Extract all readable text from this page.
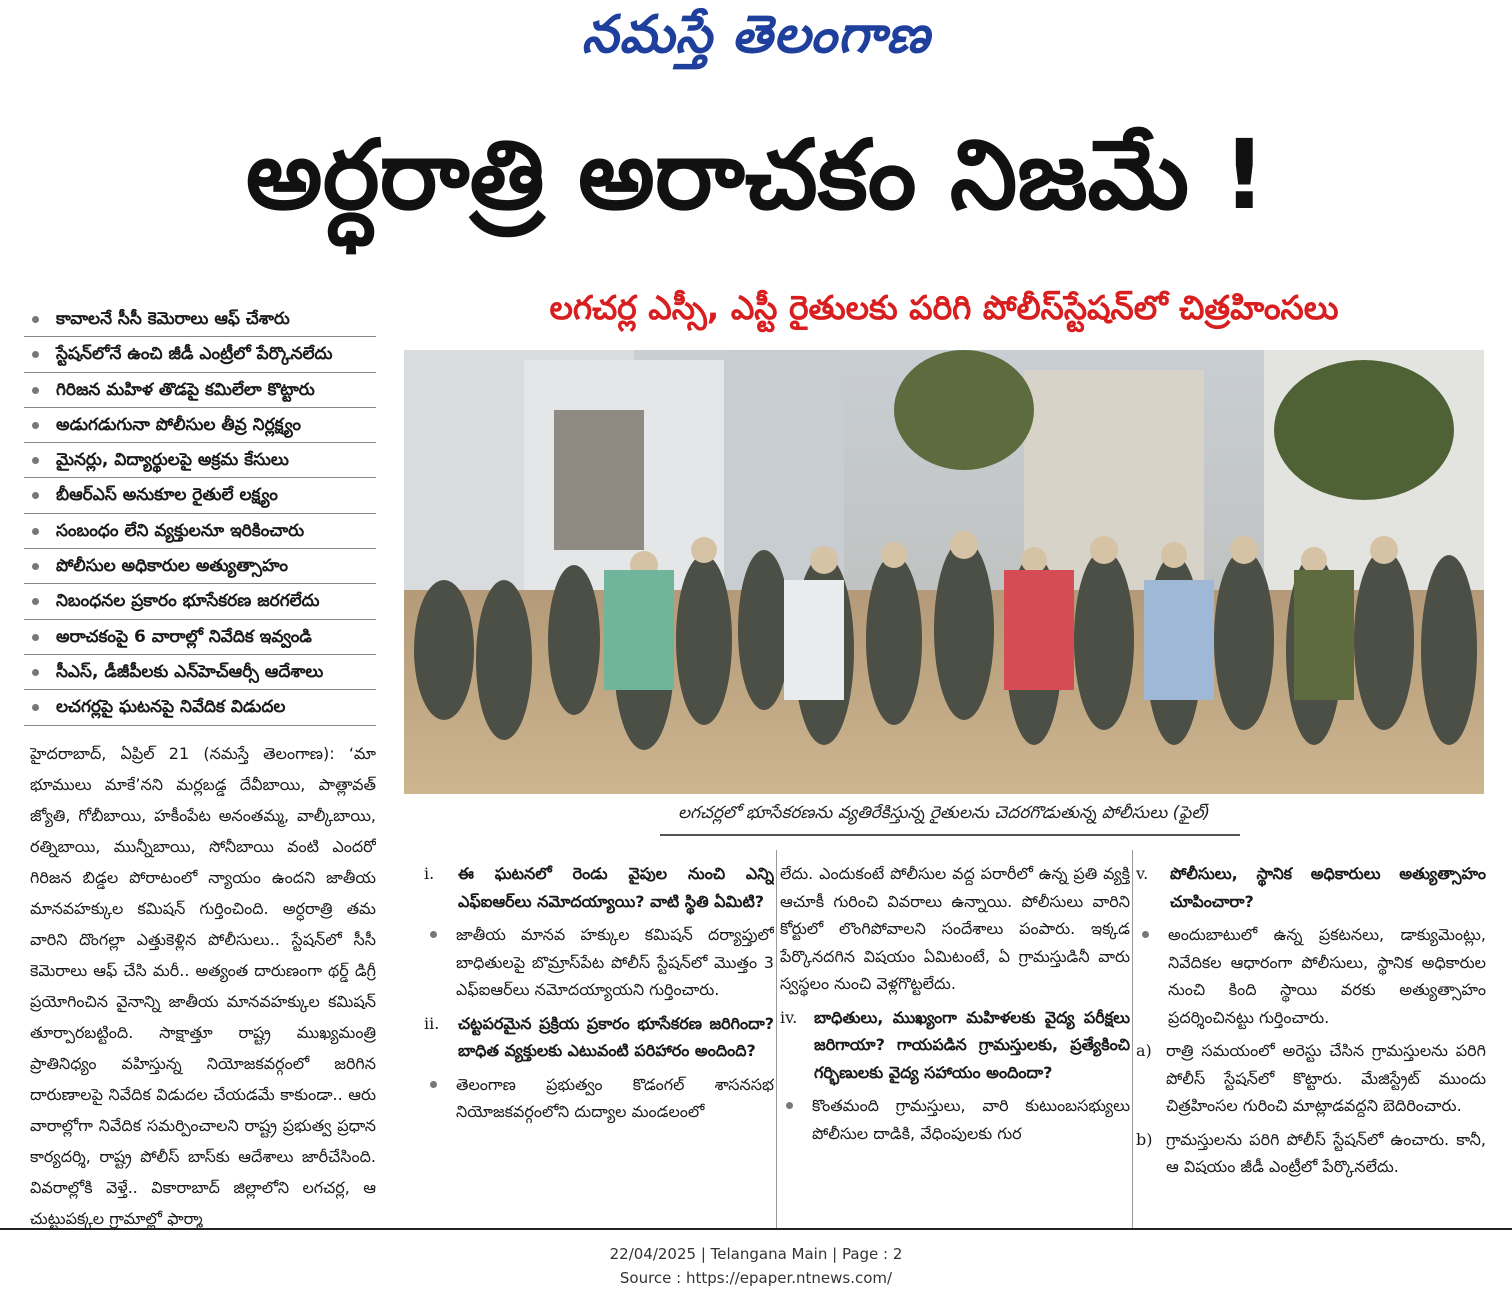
నమస్తే తెలంగాణ
అర్ధరాత్రి అరాచకం నిజమే !
లగచర్ల ఎస్సీ, ఎస్టీ రైతులకు పరిగి పోలీస్‌స్టేషన్‌లో చిత్రహింసలు
కావాలనే సీసీ కెమెరాలు ఆఫ్ చేశారు
స్టేషన్‌లోనే ఉంచి జీడీ ఎంట్రీలో పేర్కొనలేదు
గిరిజన మహిళ తొడపై కమిలేలా కొట్టారు
అడుగడుగునా పోలీసుల తీవ్ర నిర్లక్ష్యం
మైనర్లు, విద్యార్థులపై అక్రమ కేసులు
బీఆర్‌ఎస్ అనుకూల రైతులే లక్ష్యం
సంబంధం లేని వ్యక్తులనూ ఇరికించారు
పోలీసుల అధికారుల అత్యుత్సాహం
నిబంధనల ప్రకారం భూసేకరణ జరగలేదు
అరాచకంపై 6 వారాల్లో నివేదిక ఇవ్వండి
సీఎస్, డీజీపీలకు ఎన్‌హెచ్‌ఆర్సీ ఆదేశాలు
లచగర్లపై ఘటనపై నివేదిక విడుదల
హైదరాబాద్, ఏప్రిల్ 21 (నమస్తే తెలంగాణ): ‘మా భూములు మాకే’నని మర్లబడ్డ దేవీబాయి, పాత్లావత్ జ్యోతి, గోబీబాయి, హకీంపేట అనంతమ్మ, వాల్కీబాయి, రత్నిబాయి, మున్నీబాయి, సోనీబాయి వంటి ఎందరో గిరిజన బిడ్డల పోరాటంలో న్యాయం ఉందని జాతీయ మానవహక్కుల కమిషన్ గుర్తించింది. అర్ధరాత్రి తమ వారిని దొంగల్లా ఎత్తుకెళ్లిన పోలీసులు.. స్టేషన్‌లో సీసీ కెమెరాలు ఆఫ్ చేసి మరీ.. అత్యంత దారుణంగా థర్డ్ డిగ్రీ ప్రయోగించిన వైనాన్ని జాతీయ మానవహక్కుల కమిషన్ తూర్పారబట్టింది. సాక్షాత్తూ రాష్ట్ర ముఖ్యమంత్రి ప్రాతినిధ్యం వహిస్తున్న నియోజకవర్గంలో జరిగిన దారుణాలపై నివేదిక విడుదల చేయడమే కాకుండా.. ఆరు వారాల్లోగా నివేదిక సమర్పించాలని రాష్ట్ర ప్రభుత్వ ప్రధాన కార్యదర్శి, రాష్ట్ర పోలీస్ బాస్‌కు ఆదేశాలు జారీచేసింది. వివరాల్లోకి వెళ్తే.. వికారాబాద్ జిల్లాలోని లగచర్ల, ఆ చుట్టుపక్కల గ్రామాల్లో ఫార్మా
లగచర్లలో భూసేకరణను వ్యతిరేకిస్తున్న రైతులను చెదరగొడుతున్న పోలీసులు (ఫైల్)
i.	ఈ ఘటనలో రెండు వైపుల నుంచి ఎన్ని ఎఫ్‌ఐఆర్‌లు నమోదయ్యాయి? వాటి స్థితి ఏమిటి?
జాతీయ మానవ హక్కుల కమిషన్ దర్యాప్తులో బాధితులపై బొమ్రాస్‌పేట పోలీస్ స్టేషన్‌లో మొత్తం 3 ఎఫ్‌ఐఆర్‌లు నమోదయ్యాయని గుర్తించారు.
ii.	చట్టపరమైన ప్రక్రియ ప్రకారం భూసేకరణ జరిగిందా? బాధిత వ్యక్తులకు ఎటువంటి పరిహారం అందింది?
తెలంగాణ ప్రభుత్వం కొడంగల్ శాసనసభ నియోజకవర్గంలోని దుద్యాల మండలంలో
లేదు. ఎందుకంటే పోలీసుల వద్ద పరారీలో ఉన్న ప్రతి వ్యక్తి ఆచూకీ గురించి వివరాలు ఉన్నాయి. పోలీసులు వారిని కోర్టులో లొంగిపోవాలని సందేశాలు పంపారు. ఇక్కడ పేర్కొనదగిన విషయం ఏమిటంటే, ఏ గ్రామస్తుడినీ వారు స్వస్థలం నుంచి వెళ్లగొట్టలేదు.
iv.	బాధితులు, ముఖ్యంగా మహిళలకు వైద్య పరీక్షలు జరిగాయా? గాయపడిన గ్రామస్తులకు, ప్రత్యేకించి గర్భిణులకు వైద్య సహాయం అందిందా?
కొంతమంది గ్రామస్తులు, వారి కుటుంబసభ్యులు పోలీసుల దాడికి, వేధింపులకు గుర
v.	పోలీసులు, స్థానిక అధికారులు అత్యుత్సాహం చూపించారా?
అందుబాటులో ఉన్న ప్రకటనలు, డాక్యుమెంట్లు, నివేదికల ఆధారంగా పోలీసులు, స్థానిక అధికారుల నుంచి కింది స్థాయి వరకు అత్యుత్సాహం ప్రదర్శించినట్టు గుర్తించారు.
a) రాత్రి సమయంలో అరెస్టు చేసిన గ్రామస్తులను పరిగి పోలీస్ స్టేషన్‌లో కొట్టారు. మేజిస్ట్రేట్ ముందు చిత్రహింసల గురించి మాట్లాడవద్దని బెదిరించారు.
b) గ్రామస్తులను పరిగి పోలీస్ స్టేషన్‌లో ఉంచారు. కానీ, ఆ విషయం జీడీ ఎంట్రీలో పేర్కొనలేదు.
22/04/2025 | Telangana Main | Page : 2
Source : https://epaper.ntnews.com/
